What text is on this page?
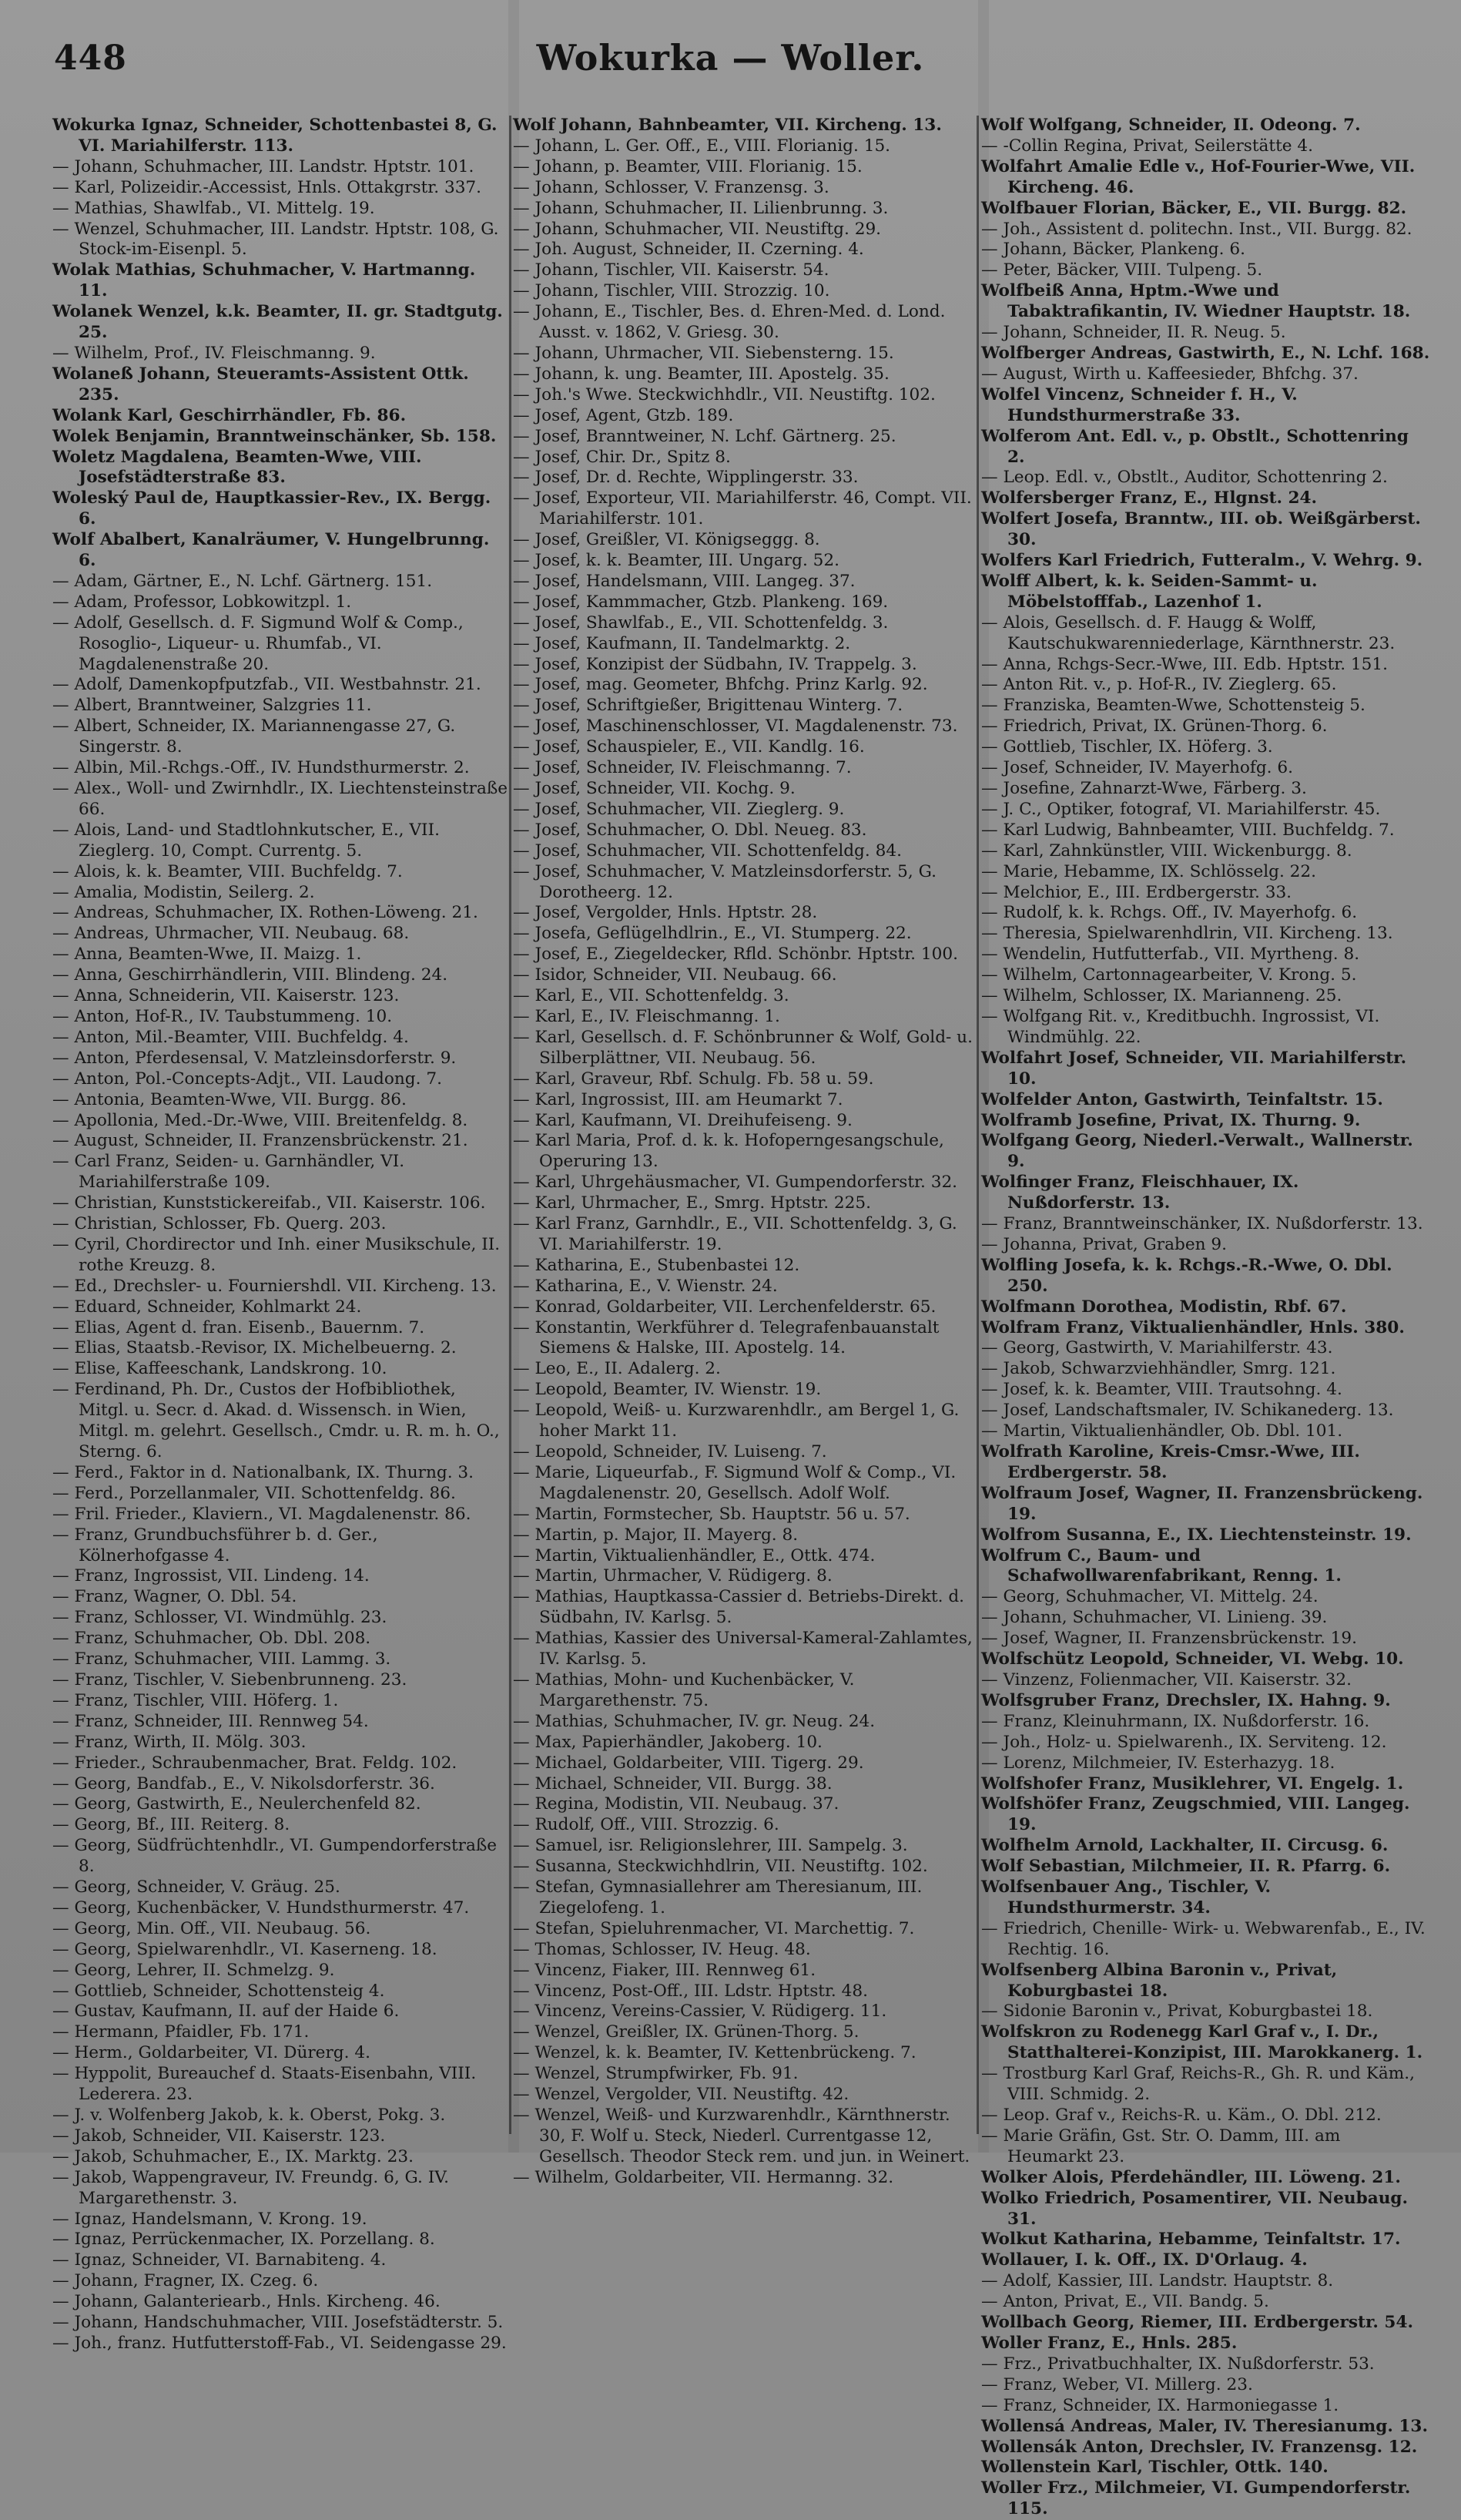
448	Wokurka — Woller.

Wokurka Ignaz, Schneider, Schottenbastei 8, G. VI. Mariahilferstr. 113.

— Johann, Schuhmacher, III. Landstr. Hptstr. 101.

— Karl, Polizeidir.-Accessist, Hnls. Ottakgrstr. 337.

— Mathias, Shawlfab., VI. Mittelg. 19.

— Wenzel, Schuhmacher, III. Landstr. Hptstr. 108, G. Stock-im-Eisenpl. 5.

Wolak Mathias, Schuhmacher, V. Hartmanng. 11.

Wolanek Wenzel, k.k. Beamter, II. gr. Stadtgutg. 25.

— Wilhelm, Prof., IV. Fleischmanng. 9.

Wolaneß Johann, Steueramts-Assistent Ottk. 235.

Wolank Karl, Geschirrhändler, Fb. 86.

Wolek Benjamin, Branntweinschänker, Sb. 158.

Woletz Magdalena, Beamten-Wwe, VIII. Josefstädterstraße 83.

Woleský Paul de, Hauptkassier-Rev., IX. Bergg. 6.

Wolf Abalbert, Kanalräumer, V. Hungelbrunng. 6.

— Adam, Gärtner, E., N. Lchf. Gärtnerg. 151.

— Adam, Professor, Lobkowitzpl. 1.

— Adolf, Gesellsch. d. F. Sigmund Wolf & Comp., Rosoglio-, Liqueur- u. Rhumfab., VI. Magdalenenstraße 20.

— Adolf, Damenkopfputzfab., VII. Westbahnstr. 21.

— Albert, Branntweiner, Salzgries 11.

— Albert, Schneider, IX. Mariannengasse 27, G. Singerstr. 8.

— Albin, Mil.-Rchgs.-Off., IV. Hundsthurmerstr. 2.

— Alex., Woll- und Zwirnhdlr., IX. Liechtensteinstraße 66.

— Alois, Land- und Stadtlohnkutscher, E., VII. Zieglerg. 10, Compt. Currentg. 5.

— Alois, k. k. Beamter, VIII. Buchfeldg. 7.

— Amalia, Modistin, Seilerg. 2.

— Andreas, Schuhmacher, IX. Rothen-Löweng. 21.

— Andreas, Uhrmacher, VII. Neubaug. 68.

— Anna, Beamten-Wwe, II. Maizg. 1.

— Anna, Geschirrhändlerin, VIII. Blindeng. 24.

— Anna, Schneiderin, VII. Kaiserstr. 123.

— Anton, Hof-R., IV. Taubstummeng. 10.

— Anton, Mil.-Beamter, VIII. Buchfeldg. 4.

— Anton, Pferdesensal, V. Matzleinsdorferstr. 9.

— Anton, Pol.-Concepts-Adjt., VII. Laudong. 7.

— Antonia, Beamten-Wwe, VII. Burgg. 86.

— Apollonia, Med.-Dr.-Wwe, VIII. Breitenfeldg. 8.

— August, Schneider, II. Franzensbrückenstr. 21.

— Carl Franz, Seiden- u. Garnhändler, VI. Mariahilferstraße 109.

— Christian, Kunststickereifab., VII. Kaiserstr. 106.

— Christian, Schlosser, Fb. Querg. 203.

— Cyril, Chordirector und Inh. einer Musikschule, II. rothe Kreuzg. 8.

— Ed., Drechsler- u. Fourniershdl. VII. Kircheng. 13.

— Eduard, Schneider, Kohlmarkt 24.

— Elias, Agent d. fran. Eisenb., Bauernm. 7.

— Elias, Staatsb.-Revisor, IX. Michelbeuerng. 2.

— Elise, Kaffeeschank, Landskrong. 10.

— Ferdinand, Ph. Dr., Custos der Hofbibliothek, Mitgl. u. Secr. d. Akad. d. Wissensch. in Wien, Mitgl. m. gelehrt. Gesellsch., Cmdr. u. R. m. h. O., Sterng. 6.

— Ferd., Faktor in d. Nationalbank, IX. Thurng. 3.

— Ferd., Porzellanmaler, VII. Schottenfeldg. 86.

— Fril. Frieder., Klaviern., VI. Magdalenenstr. 86.

— Franz, Grundbuchsführer b. d. Ger., Kölnerhofgasse 4.

— Franz, Ingrossist, VII. Lindeng. 14.

— Franz, Wagner, O. Dbl. 54.

— Franz, Schlosser, VI. Windmühlg. 23.

— Franz, Schuhmacher, Ob. Dbl. 208.

— Franz, Schuhmacher, VIII. Lammg. 3.

— Franz, Tischler, V. Siebenbrunneng. 23.

— Franz, Tischler, VIII. Höferg. 1.

— Franz, Schneider, III. Rennweg 54.

— Franz, Wirth, II. Mölg. 303.

— Frieder., Schraubenmacher, Brat. Feldg. 102.

— Georg, Bandfab., E., V. Nikolsdorferstr. 36.

— Georg, Gastwirth, E., Neulerchenfeld 82.

— Georg, Bf., III. Reiterg. 8.

— Georg, Südfrüchtenhdlr., VI. Gumpendorferstraße 8.

— Georg, Schneider, V. Gräug. 25.

— Georg, Kuchenbäcker, V. Hundsthurmerstr. 47.

— Georg, Min. Off., VII. Neubaug. 56.

— Georg, Spielwarenhdlr., VI. Kaserneng. 18.

— Georg, Lehrer, II. Schmelzg. 9.

— Gottlieb, Schneider, Schottensteig 4.

— Gustav, Kaufmann, II. auf der Haide 6.

— Hermann, Pfaidler, Fb. 171.

— Herm., Goldarbeiter, VI. Dürerg. 4.

— Hyppolit, Bureauchef d. Staats-Eisenbahn, VIII. Lederera. 23.

— J. v. Wolfenberg Jakob, k. k. Oberst, Pokg. 3.

— Jakob, Schneider, VII. Kaiserstr. 123.

— Jakob, Schuhmacher, E., IX. Marktg. 23.

— Jakob, Wappengraveur, IV. Freundg. 6, G. IV. Margarethenstr. 3.

— Ignaz, Handelsmann, V. Krong. 19.

— Ignaz, Perrückenmacher, IX. Porzellang. 8.

— Ignaz, Schneider, VI. Barnabiteng. 4.

— Johann, Fragner, IX. Czeg. 6.

— Johann, Galanteriearb., Hnls. Kircheng. 46.

— Johann, Handschuhmacher, VIII. Josefstädterstr. 5.

— Joh., franz. Hutfutterstoff-Fab., VI. Seidengasse 29.

Wolf Johann, Bahnbeamter, VII. Kircheng. 13.

— Johann, L. Ger. Off., E., VIII. Florianig. 15.

— Johann, p. Beamter, VIII. Florianig. 15.

— Johann, Schlosser, V. Franzensg. 3.

— Johann, Schuhmacher, II. Lilienbrunng. 3.

— Johann, Schuhmacher, VII. Neustiftg. 29.

— Joh. August, Schneider, II. Czerning. 4.

— Johann, Tischler, VII. Kaiserstr. 54.

— Johann, Tischler, VIII. Strozzig. 10.

— Johann, E., Tischler, Bes. d. Ehren-Med. d. Lond. Ausst. v. 1862, V. Griesg. 30.

— Johann, Uhrmacher, VII. Siebensterng. 15.

— Johann, k. ung. Beamter, III. Apostelg. 35.

— Joh.'s Wwe. Steckwichhdlr., VII. Neustiftg. 102.

— Josef, Agent, Gtzb. 189.

— Josef, Branntweiner, N. Lchf. Gärtnerg. 25.

— Josef, Chir. Dr., Spitz 8.

— Josef, Dr. d. Rechte, Wipplingerstr. 33.

— Josef, Exporteur, VII. Mariahilferstr. 46, Compt. VII. Mariahilferstr. 101.

— Josef, Greißler, VI. Königseggg. 8.

— Josef, k. k. Beamter, III. Ungarg. 52.

— Josef, Handelsmann, VIII. Langeg. 37.

— Josef, Kammmacher, Gtzb. Plankeng. 169.

— Josef, Shawlfab., E., VII. Schottenfeldg. 3.

— Josef, Kaufmann, II. Tandelmarktg. 2.

— Josef, Konzipist der Südbahn, IV. Trappelg. 3.

— Josef, mag. Geometer, Bhfchg. Prinz Karlg. 92.

— Josef, Schriftgießer, Brigittenau Winterg. 7.

— Josef, Maschinenschlosser, VI. Magdalenenstr. 73.

— Josef, Schauspieler, E., VII. Kandlg. 16.

— Josef, Schneider, IV. Fleischmanng. 7.

— Josef, Schneider, VII. Kochg. 9.

— Josef, Schuhmacher, VII. Zieglerg. 9.

— Josef, Schuhmacher, O. Dbl. Neueg. 83.

— Josef, Schuhmacher, VII. Schottenfeldg. 84.

— Josef, Schuhmacher, V. Matzleinsdorferstr. 5, G. Dorotheerg. 12.

— Josef, Vergolder, Hnls. Hptstr. 28.

— Josefa, Geflügelhdlrin., E., VI. Stumperg. 22.

— Josef, E., Ziegeldecker, Rfld. Schönbr. Hptstr. 100.

— Isidor, Schneider, VII. Neubaug. 66.

— Karl, E., VII. Schottenfeldg. 3.

— Karl, E., IV. Fleischmanng. 1.

— Karl, Gesellsch. d. F. Schönbrunner & Wolf, Gold- u. Silberplättner, VII. Neubaug. 56.

— Karl, Graveur, Rbf. Schulg. Fb. 58 u. 59.

— Karl, Ingrossist, III. am Heumarkt 7.

— Karl, Kaufmann, VI. Dreihufeiseng. 9.

— Karl Maria, Prof. d. k. k. Hofoperngesangschule, Operuring 13.

— Karl, Uhrgehäusmacher, VI. Gumpendorferstr. 32.

— Karl, Uhrmacher, E., Smrg. Hptstr. 225.

— Karl Franz, Garnhdlr., E., VII. Schottenfeldg. 3, G. VI. Mariahilferstr. 19.

— Katharina, E., Stubenbastei 12.

— Katharina, E., V. Wienstr. 24.

— Konrad, Goldarbeiter, VII. Lerchenfelderstr. 65.

— Konstantin, Werkführer d. Telegrafenbauanstalt Siemens & Halske, III. Apostelg. 14.

— Leo, E., II. Adalerg. 2.

— Leopold, Beamter, IV. Wienstr. 19.

— Leopold, Weiß- u. Kurzwarenhdlr., am Bergel 1, G. hoher Markt 11.

— Leopold, Schneider, IV. Luiseng. 7.

— Marie, Liqueurfab., F. Sigmund Wolf & Comp., VI. Magdalenenstr. 20, Gesellsch. Adolf Wolf.

— Martin, Formstecher, Sb. Hauptstr. 56 u. 57.

— Martin, p. Major, II. Mayerg. 8.

— Martin, Viktualienhändler, E., Ottk. 474.

— Martin, Uhrmacher, V. Rüdigerg. 8.

— Mathias, Hauptkassa-Cassier d. Betriebs-Direkt. d. Südbahn, IV. Karlsg. 5.

— Mathias, Kassier des Universal-Kameral-Zahlamtes, IV. Karlsg. 5.

— Mathias, Mohn- und Kuchenbäcker, V. Margarethenstr. 75.

— Mathias, Schuhmacher, IV. gr. Neug. 24.

— Max, Papierhändler, Jakoberg. 10.

— Michael, Goldarbeiter, VIII. Tigerg. 29.

— Michael, Schneider, VII. Burgg. 38.

— Regina, Modistin, VII. Neubaug. 37.

— Rudolf, Off., VIII. Strozzig. 6.

— Samuel, isr. Religionslehrer, III. Sampelg. 3.

— Susanna, Steckwichhdlrin, VII. Neustiftg. 102.

— Stefan, Gymnasiallehrer am Theresianum, III. Ziegelofeng. 1.

— Stefan, Spieluhrenmacher, VI. Marchettig. 7.

— Thomas, Schlosser, IV. Heug. 48.

— Vincenz, Fiaker, III. Rennweg 61.

— Vincenz, Post-Off., III. Ldstr. Hptstr. 48.

— Vincenz, Vereins-Cassier, V. Rüdigerg. 11.

— Wenzel, Greißler, IX. Grünen-Thorg. 5.

— Wenzel, k. k. Beamter, IV. Kettenbrückeng. 7.

— Wenzel, Strumpfwirker, Fb. 91.

— Wenzel, Vergolder, VII. Neustiftg. 42.

— Wenzel, Weiß- und Kurzwarenhdlr., Kärnthnerstr. 30, F. Wolf u. Steck, Niederl. Currentgasse 12, Gesellsch. Theodor Steck rem. und jun. in Weinert.

— Wilhelm, Goldarbeiter, VII. Hermanng. 32.

Wolf Wolfgang, Schneider, II. Odeong. 7.

— -Collin Regina, Privat, Seilerstätte 4.

Wolfahrt Amalie Edle v., Hof-Fourier-Wwe, VII. Kircheng. 46.

Wolfbauer Florian, Bäcker, E., VII. Burgg. 82.

— Joh., Assistent d. politechn. Inst., VII. Burgg. 82.

— Johann, Bäcker, Plankeng. 6.

— Peter, Bäcker, VIII. Tulpeng. 5.

Wolfbeiß Anna, Hptm.-Wwe und Tabaktrafikantin, IV. Wiedner Hauptstr. 18.

— Johann, Schneider, II. R. Neug. 5.

Wolfberger Andreas, Gastwirth, E., N. Lchf. 168.

— August, Wirth u. Kaffeesieder, Bhfchg. 37.

Wolfel Vincenz, Schneider f. H., V. Hundsthurmerstraße 33.

Wolferom Ant. Edl. v., p. Obstlt., Schottenring 2.

— Leop. Edl. v., Obstlt., Auditor, Schottenring 2.

Wolfersberger Franz, E., Hlgnst. 24.

Wolfert Josefa, Branntw., III. ob. Weißgärberst. 30.

Wolfers Karl Friedrich, Futteralm., V. Wehrg. 9.

Wolff Albert, k. k. Seiden-Sammt- u. Möbelstofffab., Lazenhof 1.

— Alois, Gesellsch. d. F. Haugg & Wolff, Kautschukwarenniederlage, Kärnthnerstr. 23.

— Anna, Rchgs-Secr.-Wwe, III. Edb. Hptstr. 151.

— Anton Rit. v., p. Hof-R., IV. Zieglerg. 65.

— Franziska, Beamten-Wwe, Schottensteig 5.

— Friedrich, Privat, IX. Grünen-Thorg. 6.

— Gottlieb, Tischler, IX. Höferg. 3.

— Josef, Schneider, IV. Mayerhofg. 6.

— Josefine, Zahnarzt-Wwe, Färberg. 3.

— J. C., Optiker, fotograf, VI. Mariahilferstr. 45.

— Karl Ludwig, Bahnbeamter, VIII. Buchfeldg. 7.

— Karl, Zahnkünstler, VIII. Wickenburgg. 8.

— Marie, Hebamme, IX. Schlösselg. 22.

— Melchior, E., III. Erdbergerstr. 33.

— Rudolf, k. k. Rchgs. Off., IV. Mayerhofg. 6.

— Theresia, Spielwarenhdlrin, VII. Kircheng. 13.

— Wendelin, Hutfutterfab., VII. Myrtheng. 8.

— Wilhelm, Cartonnagearbeiter, V. Krong. 5.

— Wilhelm, Schlosser, IX. Marianneng. 25.

— Wolfgang Rit. v., Kreditbuchh. Ingrossist, VI. Windmühlg. 22.

Wolfahrt Josef, Schneider, VII. Mariahilferstr. 10.

Wolfelder Anton, Gastwirth, Teinfaltstr. 15.

Wolframb Josefine, Privat, IX. Thurng. 9.

Wolfgang Georg, Niederl.-Verwalt., Wallnerstr. 9.

Wolfinger Franz, Fleischhauer, IX. Nußdorferstr. 13.

— Franz, Branntweinschänker, IX. Nußdorferstr. 13.

— Johanna, Privat, Graben 9.

Wolfling Josefa, k. k. Rchgs.-R.-Wwe, O. Dbl. 250.

Wolfmann Dorothea, Modistin, Rbf. 67.

Wolfram Franz, Viktualienhändler, Hnls. 380.

— Georg, Gastwirth, V. Mariahilferstr. 43.

— Jakob, Schwarzviehhändler, Smrg. 121.

— Josef, k. k. Beamter, VIII. Trautsohng. 4.

— Josef, Landschaftsmaler, IV. Schikanederg. 13.

— Martin, Viktualienhändler, Ob. Dbl. 101.

Wolfrath Karoline, Kreis-Cmsr.-Wwe, III. Erdbergerstr. 58.

Wolfraum Josef, Wagner, II. Franzensbrückeng. 19.

Wolfrom Susanna, E., IX. Liechtensteinstr. 19.

Wolfrum C., Baum- und Schafwollwarenfabrikant, Renng. 1.

— Georg, Schuhmacher, VI. Mittelg. 24.

— Johann, Schuhmacher, VI. Linieng. 39.

— Josef, Wagner, II. Franzensbrückenstr. 19.

Wolfschütz Leopold, Schneider, VI. Webg. 10.

— Vinzenz, Folienmacher, VII. Kaiserstr. 32.

Wolfsgruber Franz, Drechsler, IX. Hahng. 9.

— Franz, Kleinuhrmann, IX. Nußdorferstr. 16.

— Joh., Holz- u. Spielwarenh., IX. Serviteng. 12.

— Lorenz, Milchmeier, IV. Esterhazyg. 18.

Wolfshofer Franz, Musiklehrer, VI. Engelg. 1.

Wolfshöfer Franz, Zeugschmied, VIII. Langeg. 19.

Wolfhelm Arnold, Lackhalter, II. Circusg. 6.

Wolf Sebastian, Milchmeier, II. R. Pfarrg. 6.

Wolfsenbauer Ang., Tischler, V. Hundsthurmerstr. 34.

— Friedrich, Chenille- Wirk- u. Webwarenfab., E., IV. Rechtig. 16.

Wolfsenberg Albina Baronin v., Privat, Koburgbastei 18.

— Sidonie Baronin v., Privat, Koburgbastei 18.

Wolfskron zu Rodenegg Karl Graf v., I. Dr., Statthalterei-Konzipist, III. Marokkanerg. 1.

— Trostburg Karl Graf, Reichs-R., Gh. R. und Käm., VIII. Schmidg. 2.

— Leop. Graf v., Reichs-R. u. Käm., O. Dbl. 212.

— Marie Gräfin, Gst. Str. O. Damm, III. am Heumarkt 23.

Wolker Alois, Pferdehändler, III. Löweng. 21.

Wolko Friedrich, Posamentirer, VII. Neubaug. 31.

Wolkut Katharina, Hebamme, Teinfaltstr. 17.

Wollauer, I. k. Off., IX. D'Orlaug. 4.

— Adolf, Kassier, III. Landstr. Hauptstr. 8.

— Anton, Privat, E., VII. Bandg. 5.

Wollbach Georg, Riemer, III. Erdbergerstr. 54.

Woller Franz, E., Hnls. 285.

— Frz., Privatbuchhalter, IX. Nußdorferstr. 53.

— Franz, Weber, VI. Millerg. 23.

— Franz, Schneider, IX. Harmoniegasse 1.

Wollensá Andreas, Maler, IV. Theresianumg. 13.

Wollensák Anton, Drechsler, IV. Franzensg. 12.

Wollenstein Karl, Tischler, Ottk. 140.

Woller Frz., Milchmeier, VI. Gumpendorferstr. 115.
